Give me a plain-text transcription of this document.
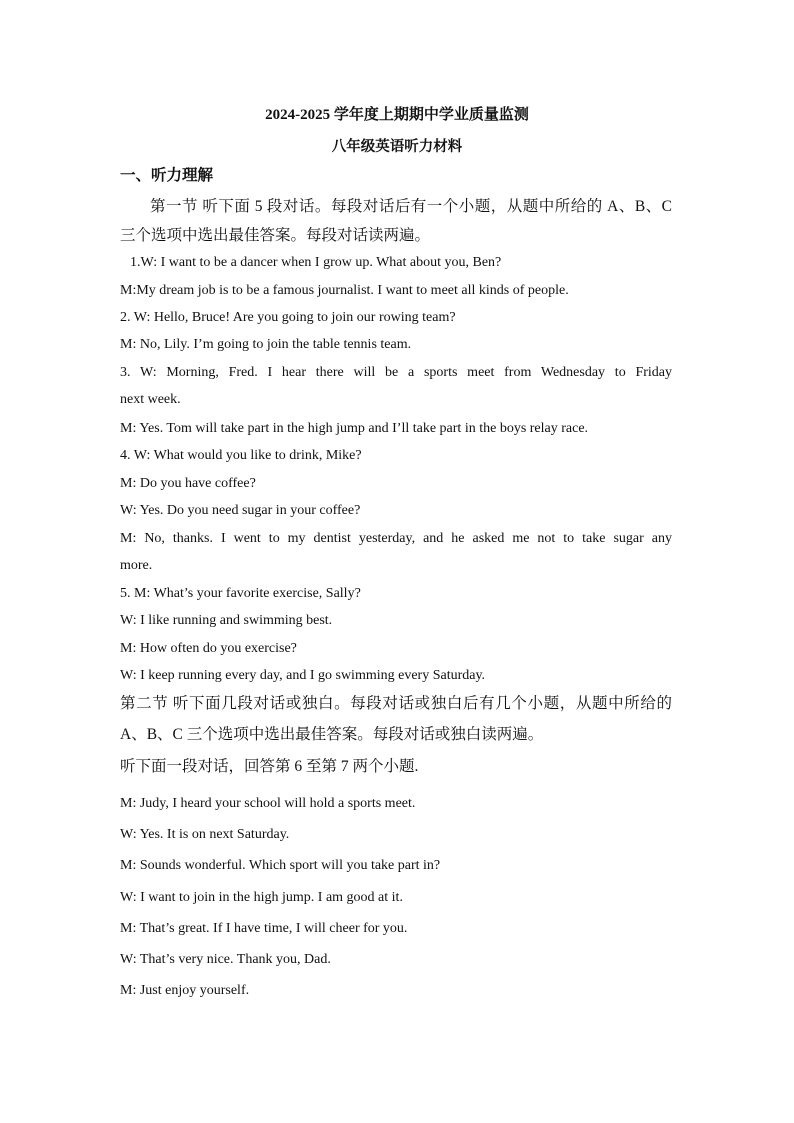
2024-2025 学年度上期期中学业质量监测
八年级英语听力材料
一、听力理解
第一节 听下面 5 段对话。每段对话后有一个小题，从题中所给的 A、B、C
三个选项中选出最佳答案。每段对话读两遍。
1.W: I want to be a dancer when I grow up. What about you, Ben?
M:My dream job is to be a famous journalist. I want to meet all kinds of people.
2. W: Hello, Bruce! Are you going to join our rowing team?
M: No, Lily. I’m going to join the table tennis team.
3. W: Morning, Fred. I hear there will be a sports meet from Wednesday to Friday
next week.
M: Yes. Tom will take part in the high jump and I’ll take part in the boys relay race.
4. W: What would you like to drink, Mike?
M: Do you have coffee?
W: Yes. Do you need sugar in your coffee?
M: No, thanks. I went to my dentist yesterday, and he asked me not to take sugar any
more.
5. M: What’s your favorite exercise, Sally?
W: I like running and swimming best.
M: How often do you exercise?
W: I keep running every day, and I go swimming every Saturday.
第二节 听下面几段对话或独白。每段对话或独白后有几个小题，从题中所给的
A、B、C 三个选项中选出最佳答案。每段对话或独白读两遍。
听下面一段对话，回答第 6 至第 7 两个小题.
M: Judy, I heard your school will hold a sports meet.
W: Yes. It is on next Saturday.
M: Sounds wonderful. Which sport will you take part in?
W: I want to join in the high jump. I am good at it.
M: That’s great. If I have time, I will cheer for you.
W: That’s very nice. Thank you, Dad.
M: Just enjoy yourself.
